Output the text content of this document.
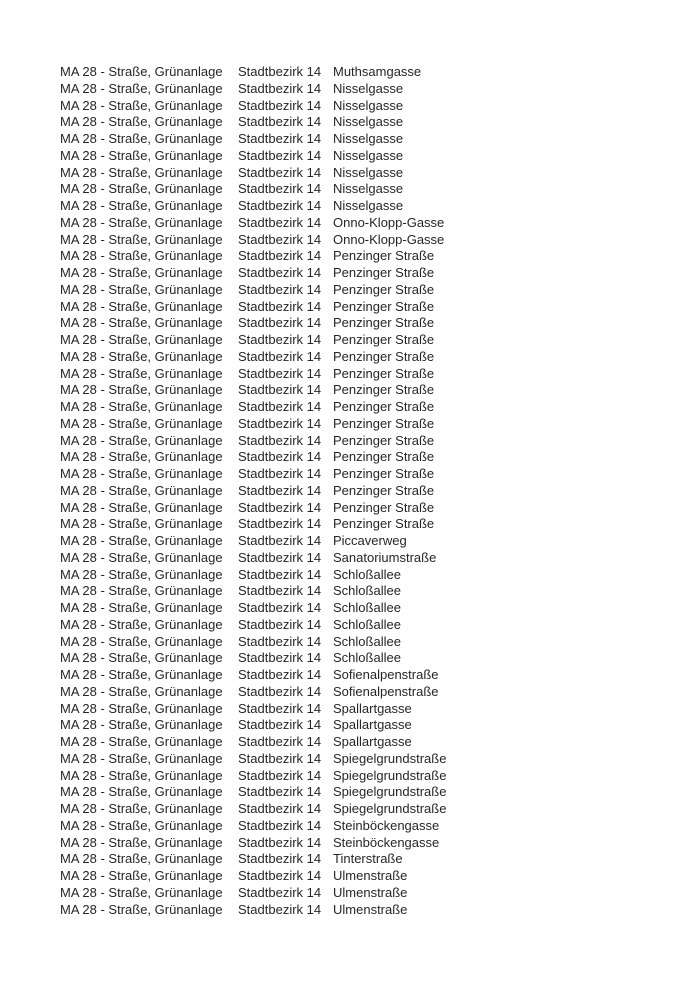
MA 28 - Straße, Grünanlage Stadtbezirk 14 Muthsamgasse
MA 28 - Straße, Grünanlage Stadtbezirk 14 Nisselgasse
MA 28 - Straße, Grünanlage Stadtbezirk 14 Nisselgasse
MA 28 - Straße, Grünanlage Stadtbezirk 14 Nisselgasse
MA 28 - Straße, Grünanlage Stadtbezirk 14 Nisselgasse
MA 28 - Straße, Grünanlage Stadtbezirk 14 Nisselgasse
MA 28 - Straße, Grünanlage Stadtbezirk 14 Nisselgasse
MA 28 - Straße, Grünanlage Stadtbezirk 14 Nisselgasse
MA 28 - Straße, Grünanlage Stadtbezirk 14 Nisselgasse
MA 28 - Straße, Grünanlage Stadtbezirk 14 Onno-Klopp-Gasse
MA 28 - Straße, Grünanlage Stadtbezirk 14 Onno-Klopp-Gasse
MA 28 - Straße, Grünanlage Stadtbezirk 14 Penzinger Straße
MA 28 - Straße, Grünanlage Stadtbezirk 14 Penzinger Straße
MA 28 - Straße, Grünanlage Stadtbezirk 14 Penzinger Straße
MA 28 - Straße, Grünanlage Stadtbezirk 14 Penzinger Straße
MA 28 - Straße, Grünanlage Stadtbezirk 14 Penzinger Straße
MA 28 - Straße, Grünanlage Stadtbezirk 14 Penzinger Straße
MA 28 - Straße, Grünanlage Stadtbezirk 14 Penzinger Straße
MA 28 - Straße, Grünanlage Stadtbezirk 14 Penzinger Straße
MA 28 - Straße, Grünanlage Stadtbezirk 14 Penzinger Straße
MA 28 - Straße, Grünanlage Stadtbezirk 14 Penzinger Straße
MA 28 - Straße, Grünanlage Stadtbezirk 14 Penzinger Straße
MA 28 - Straße, Grünanlage Stadtbezirk 14 Penzinger Straße
MA 28 - Straße, Grünanlage Stadtbezirk 14 Penzinger Straße
MA 28 - Straße, Grünanlage Stadtbezirk 14 Penzinger Straße
MA 28 - Straße, Grünanlage Stadtbezirk 14 Penzinger Straße
MA 28 - Straße, Grünanlage Stadtbezirk 14 Penzinger Straße
MA 28 - Straße, Grünanlage Stadtbezirk 14 Penzinger Straße
MA 28 - Straße, Grünanlage Stadtbezirk 14 Piccaverweg
MA 28 - Straße, Grünanlage Stadtbezirk 14 Sanatoriumstraße
MA 28 - Straße, Grünanlage Stadtbezirk 14 Schloßallee
MA 28 - Straße, Grünanlage Stadtbezirk 14 Schloßallee
MA 28 - Straße, Grünanlage Stadtbezirk 14 Schloßallee
MA 28 - Straße, Grünanlage Stadtbezirk 14 Schloßallee
MA 28 - Straße, Grünanlage Stadtbezirk 14 Schloßallee
MA 28 - Straße, Grünanlage Stadtbezirk 14 Schloßallee
MA 28 - Straße, Grünanlage Stadtbezirk 14 Sofienalpenstraße
MA 28 - Straße, Grünanlage Stadtbezirk 14 Sofienalpenstraße
MA 28 - Straße, Grünanlage Stadtbezirk 14 Spallartgasse
MA 28 - Straße, Grünanlage Stadtbezirk 14 Spallartgasse
MA 28 - Straße, Grünanlage Stadtbezirk 14 Spallartgasse
MA 28 - Straße, Grünanlage Stadtbezirk 14 Spiegelgrundstraße
MA 28 - Straße, Grünanlage Stadtbezirk 14 Spiegelgrundstraße
MA 28 - Straße, Grünanlage Stadtbezirk 14 Spiegelgrundstraße
MA 28 - Straße, Grünanlage Stadtbezirk 14 Spiegelgrundstraße
MA 28 - Straße, Grünanlage Stadtbezirk 14 Steinböckengasse
MA 28 - Straße, Grünanlage Stadtbezirk 14 Steinböckengasse
MA 28 - Straße, Grünanlage Stadtbezirk 14 Tinterstraße
MA 28 - Straße, Grünanlage Stadtbezirk 14 Ulmenstraße
MA 28 - Straße, Grünanlage Stadtbezirk 14 Ulmenstraße
MA 28 - Straße, Grünanlage Stadtbezirk 14 Ulmenstraße
